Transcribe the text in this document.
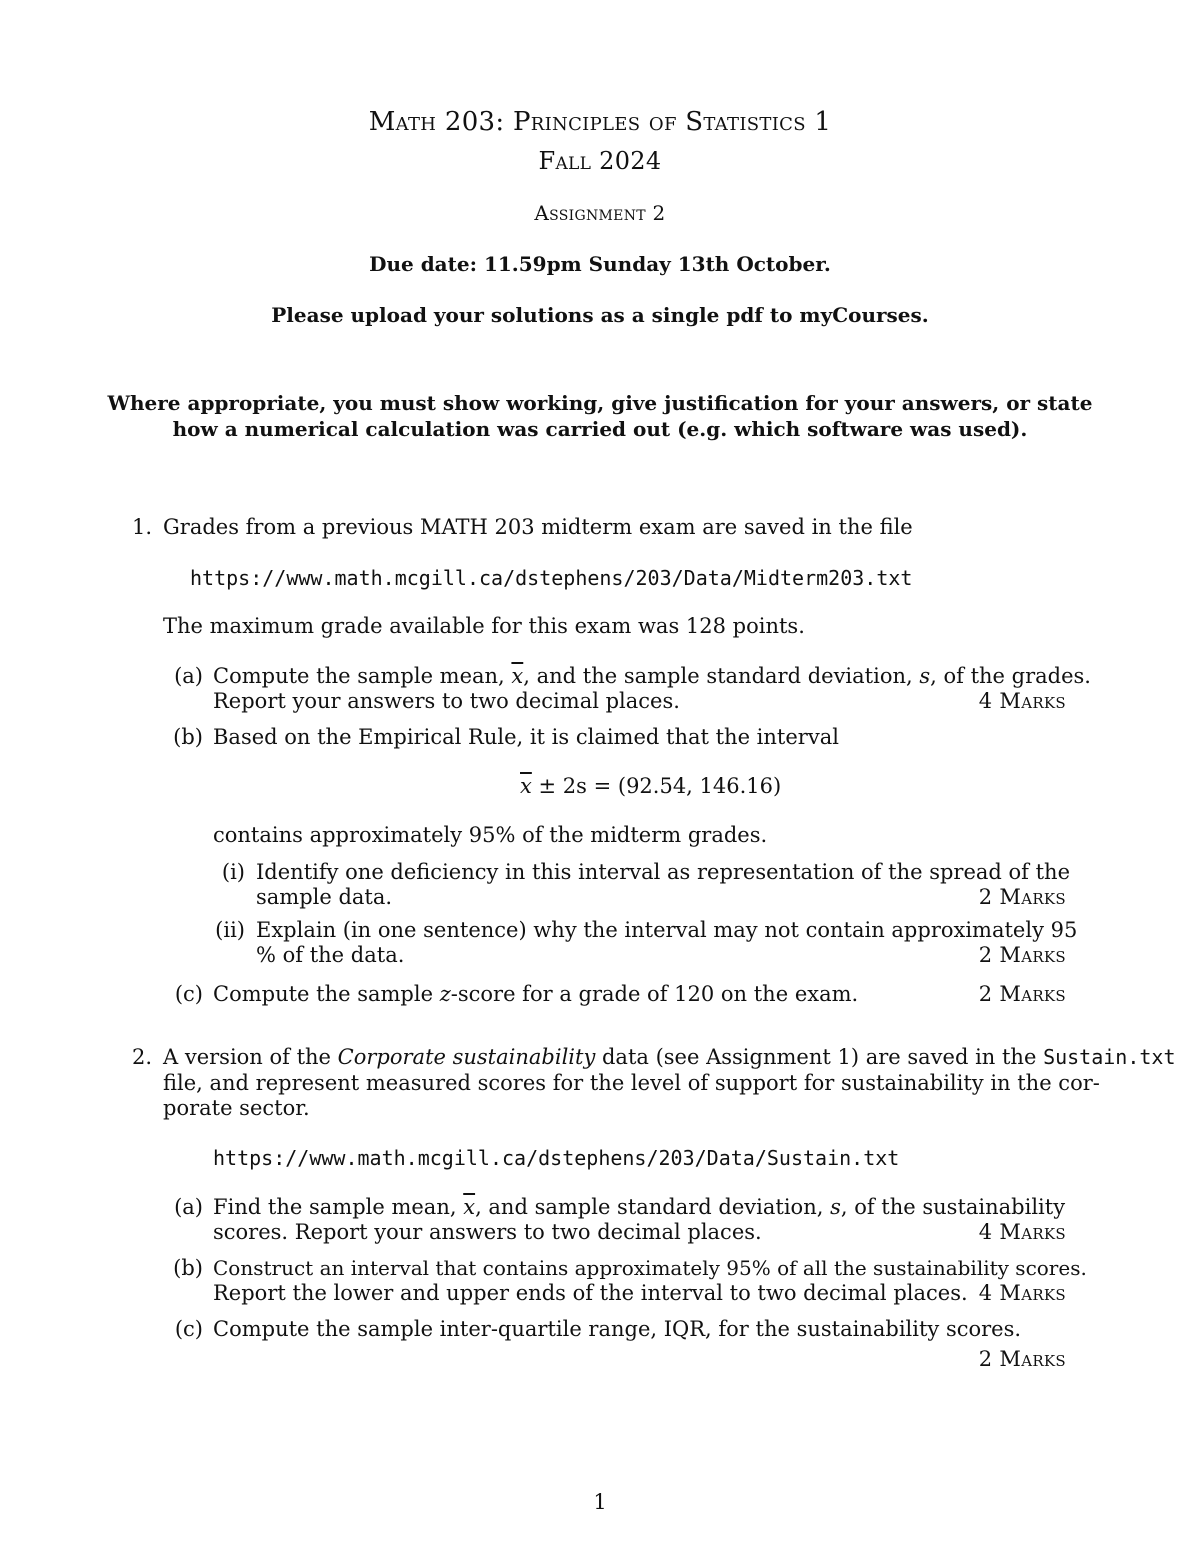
Math 203: Principles of Statistics 1
Fall 2024
Assignment 2
Due date: 11.59pm Sunday 13th October.
Please upload your solutions as a single pdf to myCourses.
Where appropriate, you must show working, give justification for your answers, or state
how a numerical calculation was carried out (e.g. which software was used).
1. Grades from a previous MATH 203 midterm exam are saved in the file
https://www.math.mcgill.ca/dstephens/203/Data/Midterm203.txt
The maximum grade available for this exam was 128 points.
(a) Compute the sample mean, $\overline{x}$, and the sample standard deviation, s, of the grades.
Report your answers to two decimal places.	4 Marks
(b) Based on the Empirical Rule, it is claimed that the interval
$\overline{x} \pm 2s = (92.54$, 146.16)
contains approximately 95% of the midterm grades.
(i) Identify one deficiency in this interval as representation of the spread of the
sample data.	2 Marks
(ii) Explain (in one sentence) why the interval may not contain approximately 95
% of the data.	2 Marks
(c) Compute the sample z-score for a grade of 120 on the exam.	2 Marks
2. A version of the Corporate sustainability data (see Assignment 1) are saved in the Sustain.txt
file, and represent measured scores for the level of support for sustainability in the cor-
porate sector.
https://www.math.mcgill.ca/dstephens/203/Data/Sustain.txt
(a) Find the sample mean, $\overline{x}$, and sample standard deviation, s, of the sustainability
scores. Report your answers to two decimal places.	4 Marks
(b) Construct an interval that contains approximately 95% of all the sustainability scores.
Report the lower and upper ends of the interval to two decimal places. 4 Marks
(c) Compute the sample inter-quartile range, IQR, for the sustainability scores.
2 Marks
1
